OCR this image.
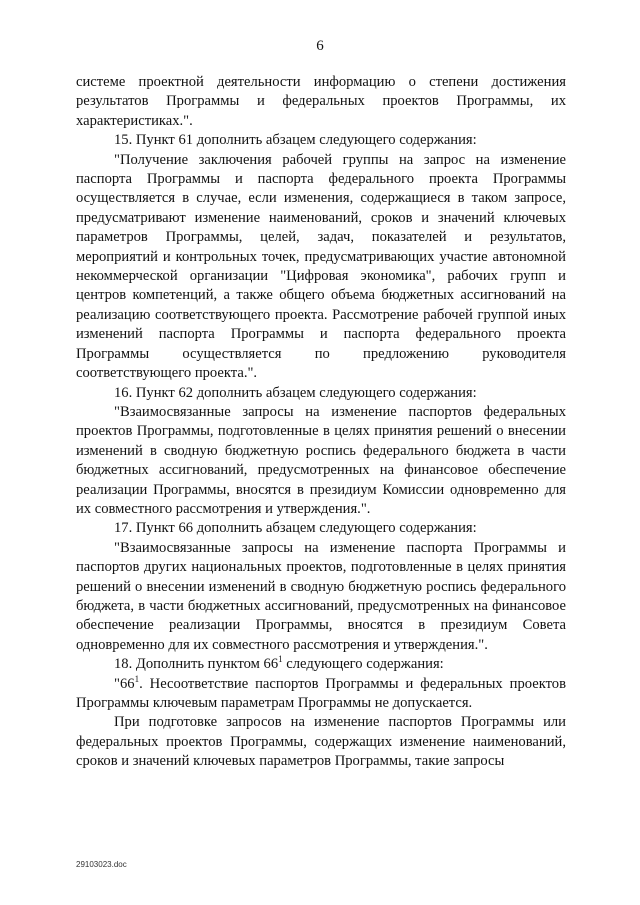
6

системе проектной деятельности информацию о степени достижения результатов Программы и федеральных проектов Программы, их характеристиках.".

15. Пункт 61 дополнить абзацем следующего содержания:

"Получение заключения рабочей группы на запрос на изменение паспорта Программы и паспорта федерального проекта Программы осуществляется в случае, если изменения, содержащиеся в таком запросе, предусматривают изменение наименований, сроков и значений ключевых параметров Программы, целей, задач, показателей и результатов, мероприятий и контрольных точек, предусматривающих участие автономной некоммерческой организации "Цифровая экономика", рабочих групп и центров компетенций, а также общего объема бюджетных ассигнований на реализацию соответствующего проекта. Рассмотрение рабочей группой иных изменений паспорта Программы и паспорта федерального проекта Программы осуществляется по предложению руководителя соответствующего проекта.".

16. Пункт 62 дополнить абзацем следующего содержания:

"Взаимосвязанные запросы на изменение паспортов федеральных проектов Программы, подготовленные в целях принятия решений о внесении изменений в сводную бюджетную роспись федерального бюджета в части бюджетных ассигнований, предусмотренных на финансовое обеспечение реализации Программы, вносятся в президиум Комиссии одновременно для их совместного рассмотрения и утверждения.".

17. Пункт 66 дополнить абзацем следующего содержания:

"Взаимосвязанные запросы на изменение паспорта Программы и паспортов других национальных проектов, подготовленные в целях принятия решений о внесении изменений в сводную бюджетную роспись федерального бюджета, в части бюджетных ассигнований, предусмотренных на финансовое обеспечение реализации Программы, вносятся в президиум Совета одновременно для их совместного рассмотрения и утверждения.".

18. Дополнить пунктом $66^1$ следующего содержания:

"$66^1$. Несоответствие паспортов Программы и федеральных проектов Программы ключевым параметрам Программы не допускается.

При подготовке запросов на изменение паспортов Программы или федеральных проектов Программы, содержащих изменение наименований, сроков и значений ключевых параметров Программы, такие запросы

29103023.doc
